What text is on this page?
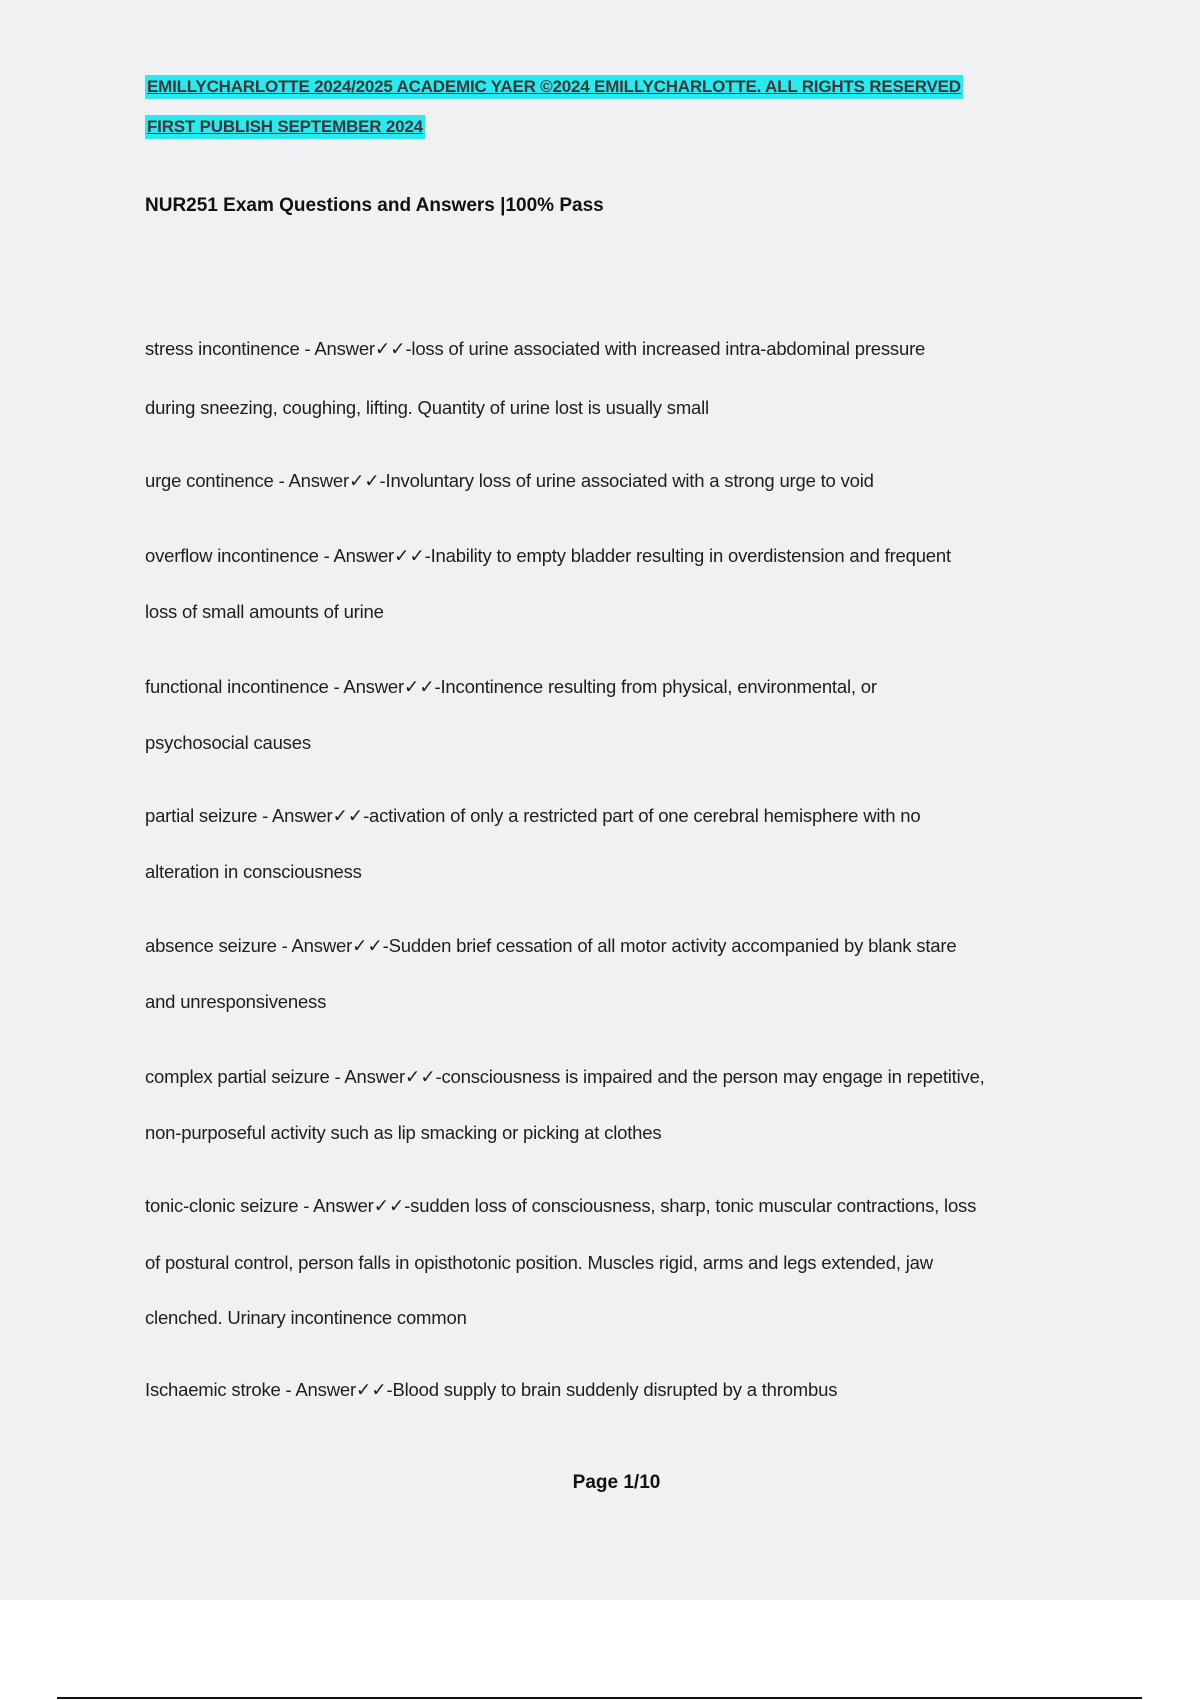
EMILLYCHARLOTTE 2024/2025 ACADEMIC YAER ©2024 EMILLYCHARLOTTE. ALL RIGHTS RESERVED
FIRST PUBLISH SEPTEMBER 2024
NUR251 Exam Questions and Answers |100% Pass
stress incontinence - Answer✓✓-loss of urine associated with increased intra-abdominal pressure
during sneezing, coughing, lifting. Quantity of urine lost is usually small
urge continence - Answer✓✓-Involuntary loss of urine associated with a strong urge to void
overflow incontinence - Answer✓✓-Inability to empty bladder resulting in overdistension and frequent
loss of small amounts of urine
functional incontinence - Answer✓✓-Incontinence resulting from physical, environmental, or
psychosocial causes
partial seizure - Answer✓✓-activation of only a restricted part of one cerebral hemisphere with no
alteration in consciousness
absence seizure - Answer✓✓-Sudden brief cessation of all motor activity accompanied by blank stare
and unresponsiveness
complex partial seizure - Answer✓✓-consciousness is impaired and the person may engage in repetitive,
non-purposeful activity such as lip smacking or picking at clothes
tonic-clonic seizure - Answer✓✓-sudden loss of consciousness, sharp, tonic muscular contractions, loss
of postural control, person falls in opisthotonic position. Muscles rigid, arms and legs extended, jaw
clenched. Urinary incontinence common
Ischaemic stroke - Answer✓✓-Blood supply to brain suddenly disrupted by a thrombus
Page 1/10
